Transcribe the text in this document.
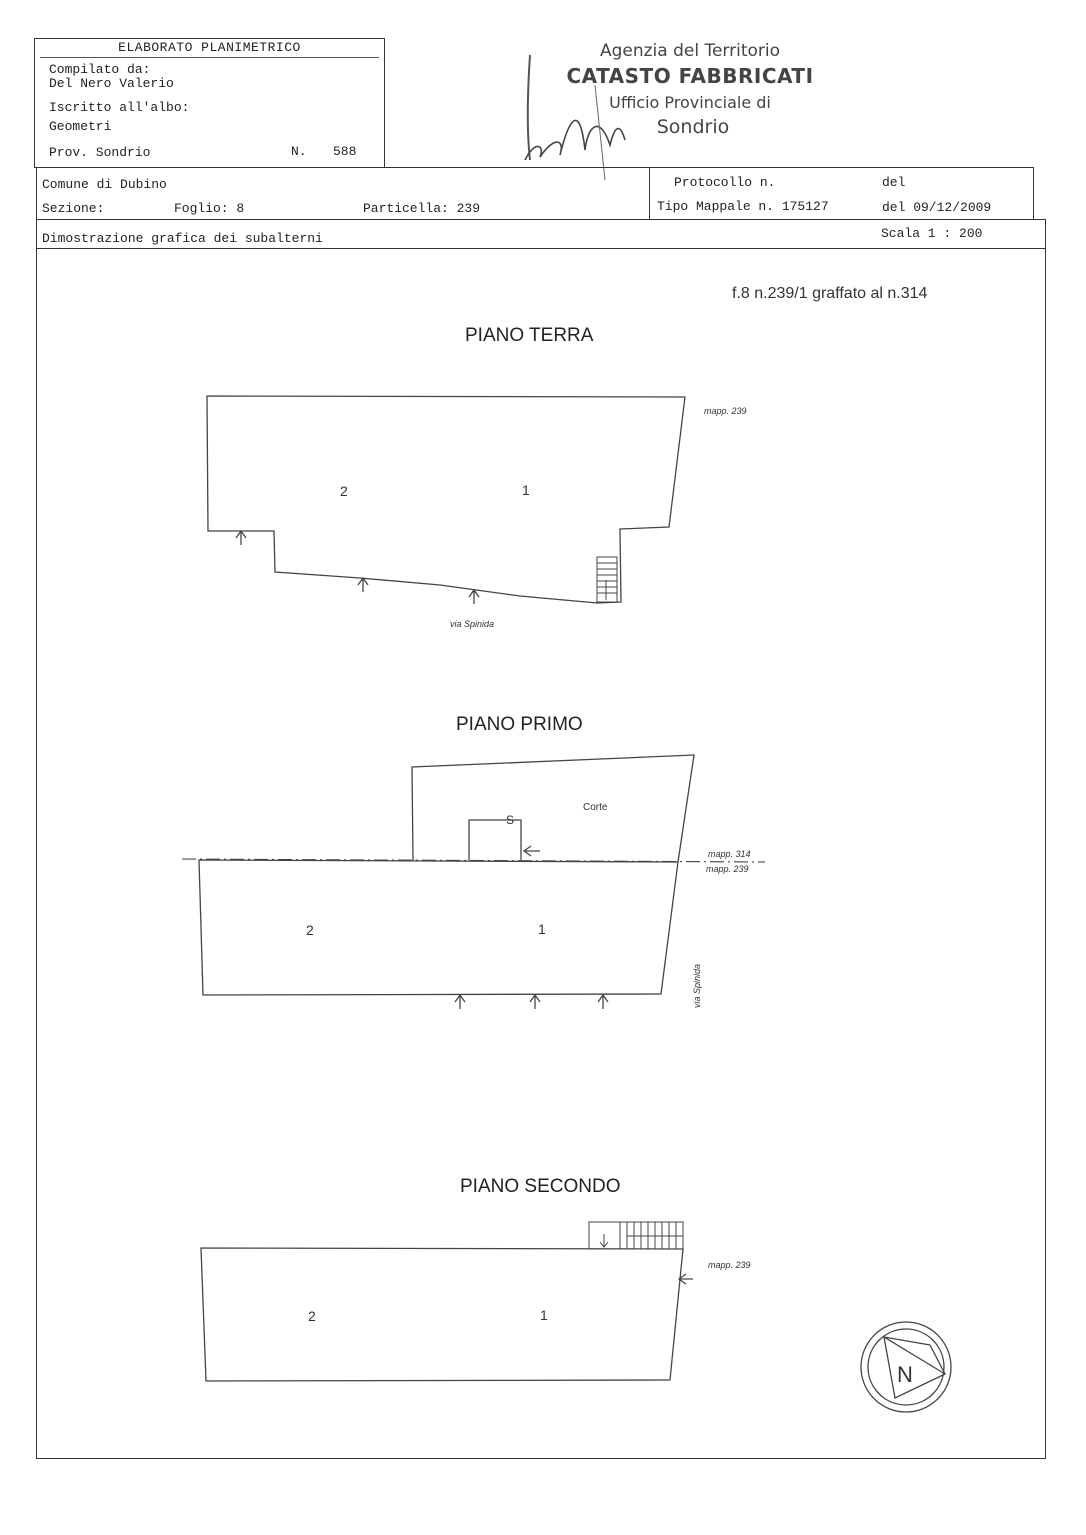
ELABORATO PLANIMETRICO
Compilato da:
Del Nero Valerio
Iscritto all'albo:
Geometri
Prov. Sondrio	N. 588
Agenzia del Territorio
CATASTO FABBRICATI
Ufficio Provinciale di
Sondrio
Comune di Dubino	Protocollo n.	del
Sezione:	Foglio: 8	Particella: 239	Tipo Mappale n. 175127	del 09/12/2009
Dimostrazione grafica dei subalterni	Scala 1 : 200
f.8 n.239/1 graffato al n.314
PIANO TERRA
PIANO PRIMO
PIANO SECONDO
2	1
mapp. 239
via Spinida
Corte
S
mapp. 314
mapp. 239
2	1
via Spinida
mapp. 239
2	1
N
